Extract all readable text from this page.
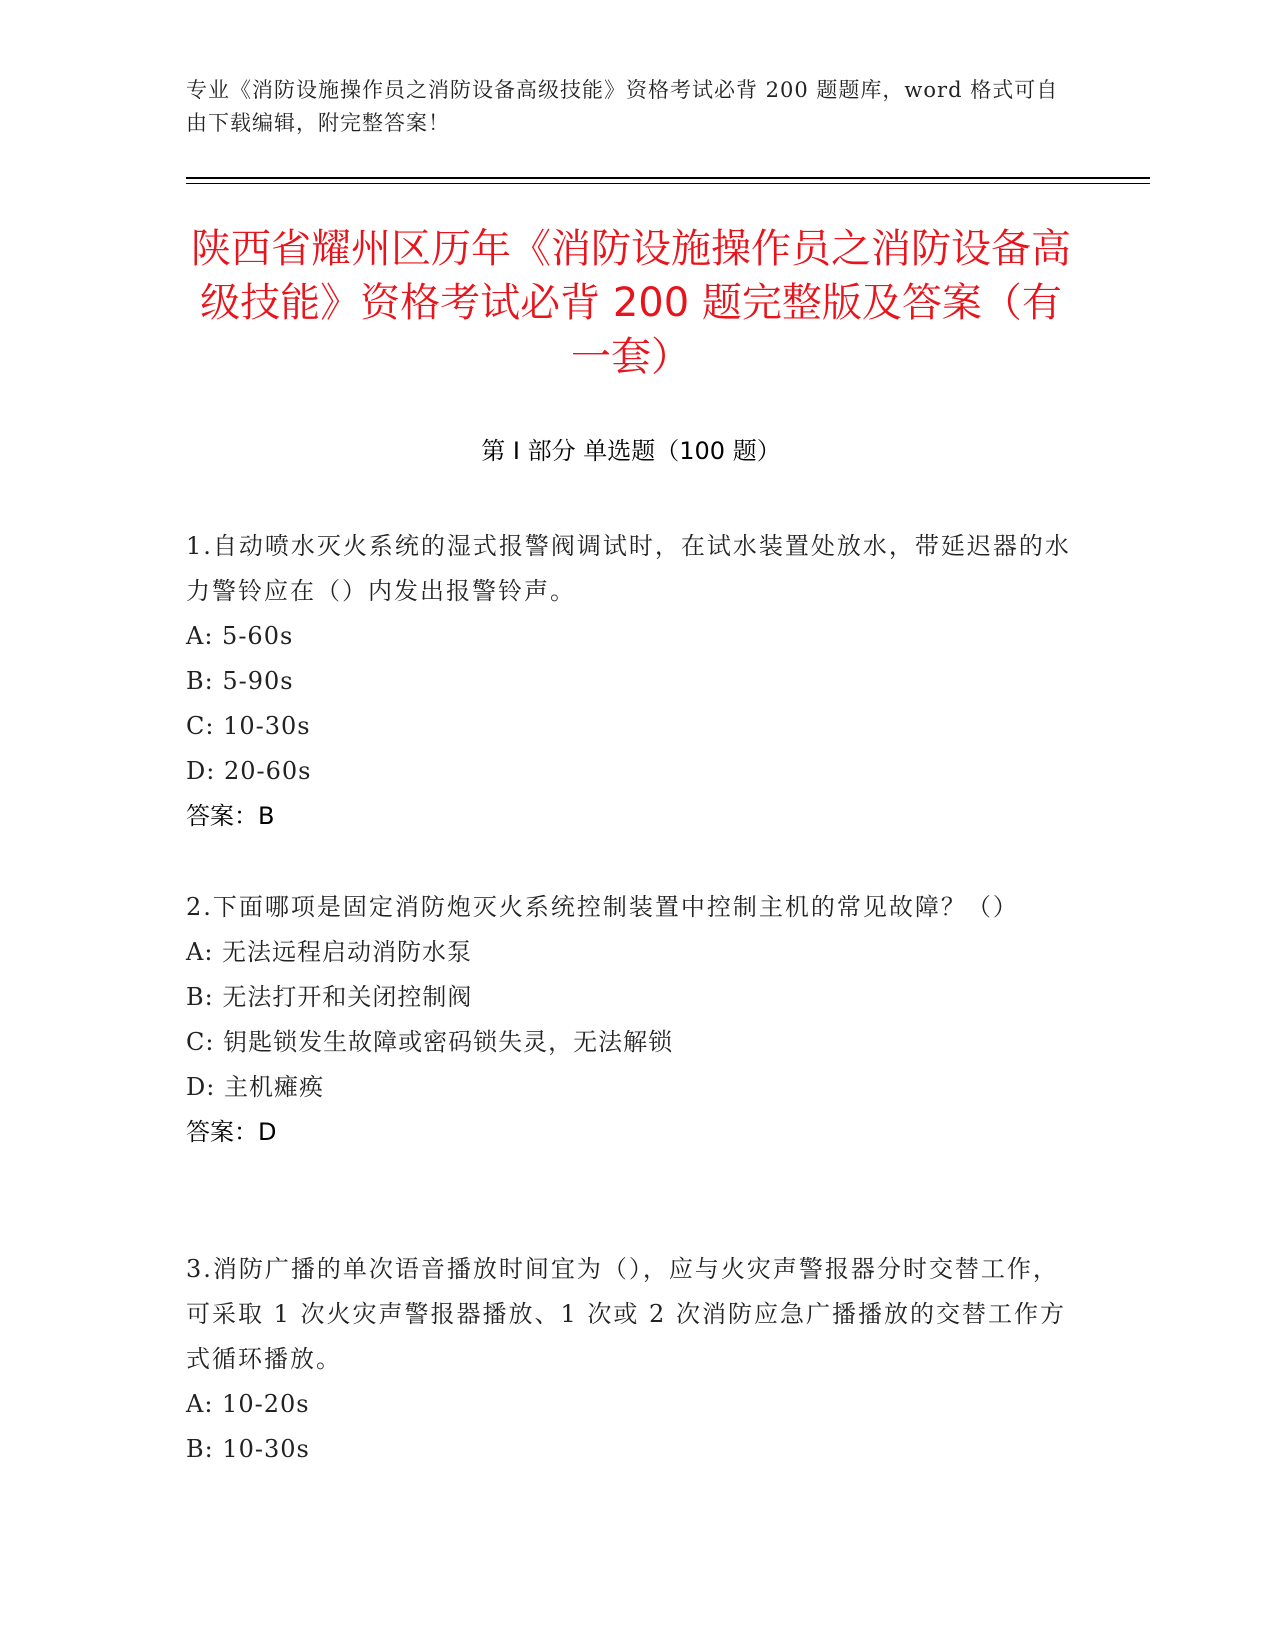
专业《消防设施操作员之消防设备高级技能》资格考试必背 200 题题库，word 格式可自由下载编辑，附完整答案！
陕西省耀州区历年《消防设施操作员之消防设备高级技能》资格考试必背 200 题完整版及答案（有一套）
第 I 部分 单选题（100 题）

1.自动喷水灭火系统的湿式报警阀调试时，在试水装置处放水，带延迟器的水力警铃应在（）内发出报警铃声。

A: 5-60s

B: 5-90s

C: 10-30s

D: 20-60s

答案：B

2.下面哪项是固定消防炮灭火系统控制装置中控制主机的常见故障？（）

A: 无法远程启动消防水泵

B: 无法打开和关闭控制阀

C: 钥匙锁发生故障或密码锁失灵，无法解锁

D: 主机瘫痪

答案：D

3.消防广播的单次语音播放时间宜为（），应与火灾声警报器分时交替工作，可采取 1 次火灾声警报器播放、1 次或 2 次消防应急广播播放的交替工作方式循环播放。

A: 10-20s

B: 10-30s
